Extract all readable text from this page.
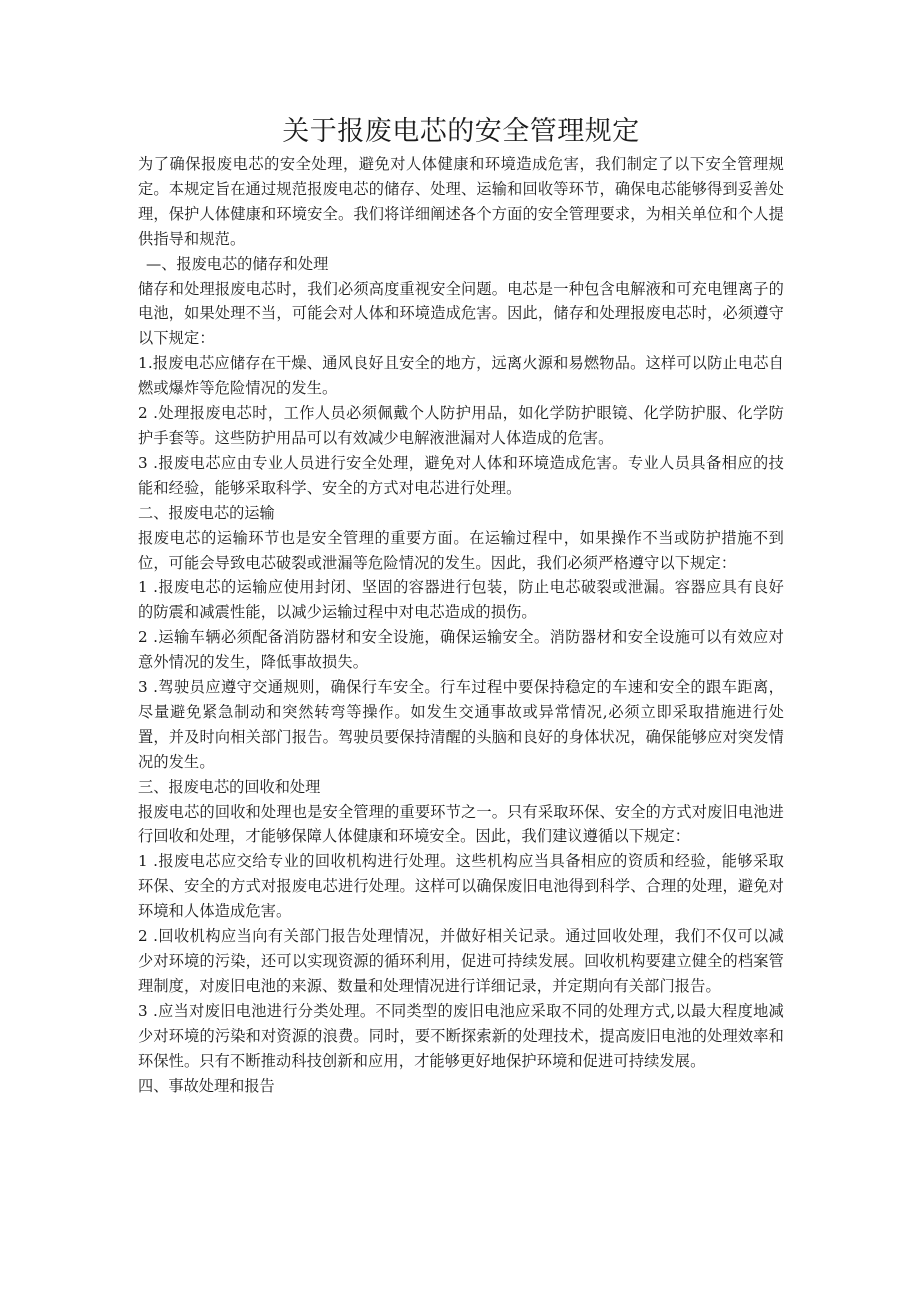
关于报废电芯的安全管理规定

为了确保报废电芯的安全处理，避免对人体健康和环境造成危害，我们制定了以下安全管理规定。本规定旨在通过规范报废电芯的储存、处理、运输和回收等环节，确保电芯能够得到妥善处理，保护人体健康和环境安全。我们将详细阐述各个方面的安全管理要求，为相关单位和个人提供指导和规范。

—、报废电芯的储存和处理

储存和处理报废电芯时，我们必须高度重视安全问题。电芯是一种包含电解液和可充电锂离子的电池，如果处理不当，可能会对人体和环境造成危害。因此，储存和处理报废电芯时，必须遵守以下规定：

1.报废电芯应储存在干燥、通风良好且安全的地方，远离火源和易燃物品。这样可以防止电芯自燃或爆炸等危险情况的发生。

2 .处理报废电芯时，工作人员必须佩戴个人防护用品，如化学防护眼镜、化学防护服、化学防护手套等。这些防护用品可以有效减少电解液泄漏对人体造成的危害。

3 .报废电芯应由专业人员进行安全处理，避免对人体和环境造成危害。专业人员具备相应的技能和经验，能够采取科学、安全的方式对电芯进行处理。

二、报废电芯的运输

报废电芯的运输环节也是安全管理的重要方面。在运输过程中，如果操作不当或防护措施不到位，可能会导致电芯破裂或泄漏等危险情况的发生。因此，我们必须严格遵守以下规定：

1 .报废电芯的运输应使用封闭、坚固的容器进行包装，防止电芯破裂或泄漏。容器应具有良好的防震和减震性能，以减少运输过程中对电芯造成的损伤。

2 .运输车辆必须配备消防器材和安全设施，确保运输安全。消防器材和安全设施可以有效应对意外情况的发生，降低事故损失。

3 .驾驶员应遵守交通规则，确保行车安全。行车过程中要保持稳定的车速和安全的跟车距离，尽量避免紧急制动和突然转弯等操作。如发生交通事故或异常情况,必须立即采取措施进行处置，并及时向相关部门报告。驾驶员要保持清醒的头脑和良好的身体状况，确保能够应对突发情况的发生。

三、报废电芯的回收和处理

报废电芯的回收和处理也是安全管理的重要环节之一。只有采取环保、安全的方式对废旧电池进行回收和处理，才能够保障人体健康和环境安全。因此，我们建议遵循以下规定：

1 .报废电芯应交给专业的回收机构进行处理。这些机构应当具备相应的资质和经验，能够采取环保、安全的方式对报废电芯进行处理。这样可以确保废旧电池得到科学、合理的处理，避免对环境和人体造成危害。

2 .回收机构应当向有关部门报告处理情况，并做好相关记录。通过回收处理，我们不仅可以减少对环境的污染，还可以实现资源的循环利用，促进可持续发展。回收机构要建立健全的档案管理制度，对废旧电池的来源、数量和处理情况进行详细记录，并定期向有关部门报告。

3 .应当对废旧电池进行分类处理。不同类型的废旧电池应采取不同的处理方式,以最大程度地减少对环境的污染和对资源的浪费。同时，要不断探索新的处理技术，提高废旧电池的处理效率和环保性。只有不断推动科技创新和应用，才能够更好地保护环境和促进可持续发展。

四、事故处理和报告
